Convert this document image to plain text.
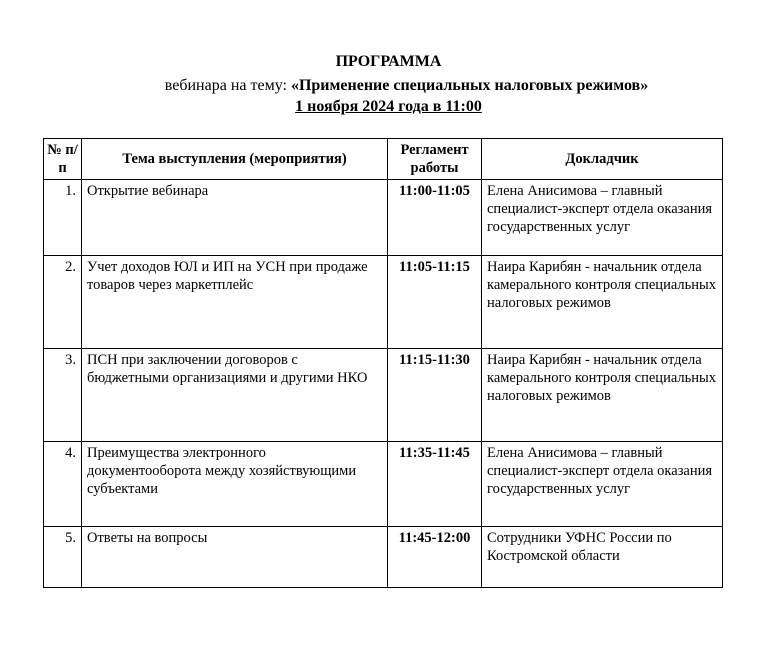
ПРОГРАММА
вебинара на тему: «Применение специальных налоговых режимов»
1 ноября 2024 года в 11:00
№ п/п	Тема выступления (мероприятия)	Регламент работы	Докладчик
1.	Открытие вебинара	11:00-11:05	Елена Анисимова – главный специалист-эксперт отдела оказания государственных услуг
2.	Учет доходов ЮЛ и ИП на УСН при продаже товаров через маркетплейс	11:05-11:15	Наира Карибян - начальник отдела камерального контроля специальных налоговых режимов
3.	ПСН при заключении договоров с бюджетными организациями и другими НКО	11:15-11:30	Наира Карибян - начальник отдела камерального контроля специальных налоговых режимов
4.	Преимущества электронного документооборота между хозяйствующими субъектами	11:35-11:45	Елена Анисимова – главный специалист-эксперт отдела оказания государственных услуг
5.	Ответы на вопросы	11:45-12:00	Сотрудники УФНС России по Костромской области
